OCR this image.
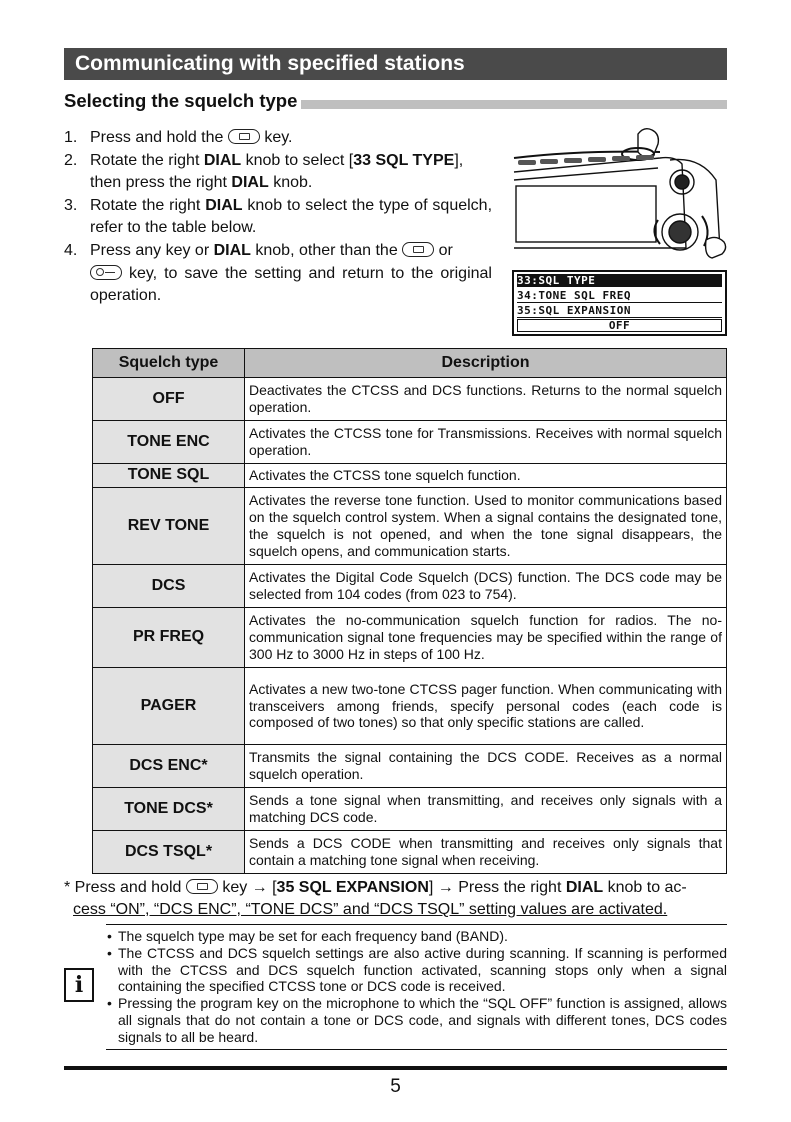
Communicating with specified stations
Selecting the squelch type
1. Press and hold the	key.
2. Rotate the right DIAL knob to select [33 SQL TYPE],
then press the right DIAL knob.
3. Rotate the right DIAL knob to select the type of squelch, refer to the table below.
4. Press any key or DIAL knob, other than the	or
key, to save the setting and return to the original operation.
33:SQL TYPE
34:TONE SQL FREQ
35:SQL EXPANSION
OFF
Squelch type	Description
OFF	Deactivates the CTCSS and DCS functions. Returns to the normal squelch operation.
TONE ENC	Activates the CTCSS tone for Transmissions. Receives with normal squelch operation.
TONE SQL	Activates the CTCSS tone squelch function.
REV TONE	Activates the reverse tone function. Used to monitor communications based on the squelch control system. When a signal contains the designated tone, the squelch is not opened, and when the tone signal disappears, the squelch opens, and communication starts.
DCS	Activates the Digital Code Squelch (DCS) function. The DCS code may be selected from 104 codes (from 023 to 754).
PR FREQ	Activates the no-communication squelch function for radios. The no-communication signal tone frequencies may be specified within the range of 300 Hz to 3000 Hz in steps of 100 Hz.
PAGER	Activates a new two-tone CTCSS pager function. When communicating with transceivers among friends, specify personal codes (each code is composed of two tones) so that only specific stations are called.
DCS ENC*	Transmits the signal containing the DCS CODE. Receives as a normal squelch operation.
TONE DCS*	Sends a tone signal when transmitting, and receives only signals with a matching DCS code.
DCS TSQL*	Sends a DCS CODE when transmitting and receives only signals that contain a matching tone signal when receiving.
* Press and hold	key → [35 SQL EXPANSION] → Press the right DIAL knob to ac-
cess “ON”, “DCS ENC”, “TONE DCS” and “DCS TSQL” setting values are activated.
i
• The squelch type may be set for each frequency band (BAND).
• The CTCSS and DCS squelch settings are also active during scanning. If scanning is performed with the CTCSS and DCS squelch function activated, scanning stops only when a signal containing the specified CTCSS tone or DCS code is received.
• Pressing the program key on the microphone to which the “SQL OFF” function is assigned, allows all signals that do not contain a tone or DCS code, and signals with different tones, DCS codes signals to all be heard.
5
